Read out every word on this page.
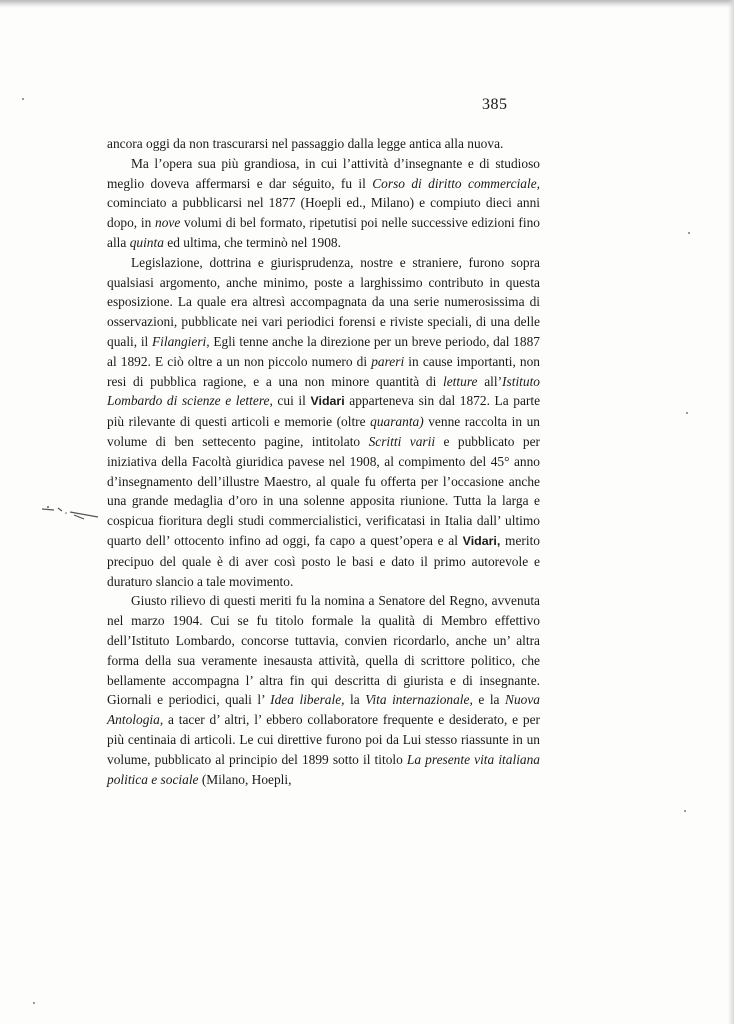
385

ancora oggi da non trascurarsi nel passaggio dalla legge antica alla nuova.

Ma l’opera sua più grandiosa, in cui l’attività d’insegnante e di studioso meglio doveva affermarsi e dar séguito, fu il Corso di diritto commerciale, cominciato a pubblicarsi nel 1877 (Hoepli ed., Milano) e compiuto dieci anni dopo, in nove volumi di bel formato, ripetutisi poi nelle successive edizioni fino alla quinta ed ultima, che terminò nel 1908.

Legislazione, dottrina e giurisprudenza, nostre e straniere, furono sopra qualsiasi argomento, anche minimo, poste a larghissimo contributo in questa esposizione. La quale era altresì accompagnata da una serie numerosissima di osservazioni, pubblicate nei vari periodici forensi e riviste speciali, di una delle quali, il Filangieri, Egli tenne anche la direzione per un breve periodo, dal 1887 al 1892. E ciò oltre a un non piccolo numero di pareri in cause importanti, non resi di pubblica ragione, e a una non minore quantità di letture all’Istituto Lombardo di scienze e lettere, cui il Vidari apparteneva sin dal 1872. La parte più rilevante di questi articoli e memorie (oltre quaranta) venne raccolta in un volume di ben settecento pagine, intitolato Scritti varii e pubblicato per iniziativa della Facoltà giuridica pavese nel 1908, al compimento del 45° anno d’insegnamento dell’illustre Maestro, al quale fu offerta per l’occasione anche una grande medaglia d’oro in una solenne apposita riunione. Tutta la larga e cospicua fioritura degli studi commercialistici, verificatasi in Italia dall’ ultimo quarto dell’ ottocento infino ad oggi, fa capo a quest’opera e al Vidari, merito precipuo del quale è di aver così posto le basi e dato il primo autorevole e duraturo slancio a tale movimento.

Giusto rilievo di questi meriti fu la nomina a Senatore del Regno, avvenuta nel marzo 1904. Cui se fu titolo formale la qualità di Membro effettivo dell’Istituto Lombardo, concorse tuttavia, convien ricordarlo, anche un’ altra forma della sua veramente inesausta attività, quella di scrittore politico, che bellamente accompagna l’ altra fin qui descritta di giurista e di insegnante. Giornali e periodici, quali l’ Idea liberale, la Vita internazionale, e la Nuova Antologia, a tacer d’ altri, l’ ebbero collaboratore frequente e desiderato, e per più centinaia di articoli. Le cui direttive furono poi da Lui stesso riassunte in un volume, pubblicato al principio del 1899 sotto il titolo La presente vita italiana politica e sociale (Milano, Hoepli,
